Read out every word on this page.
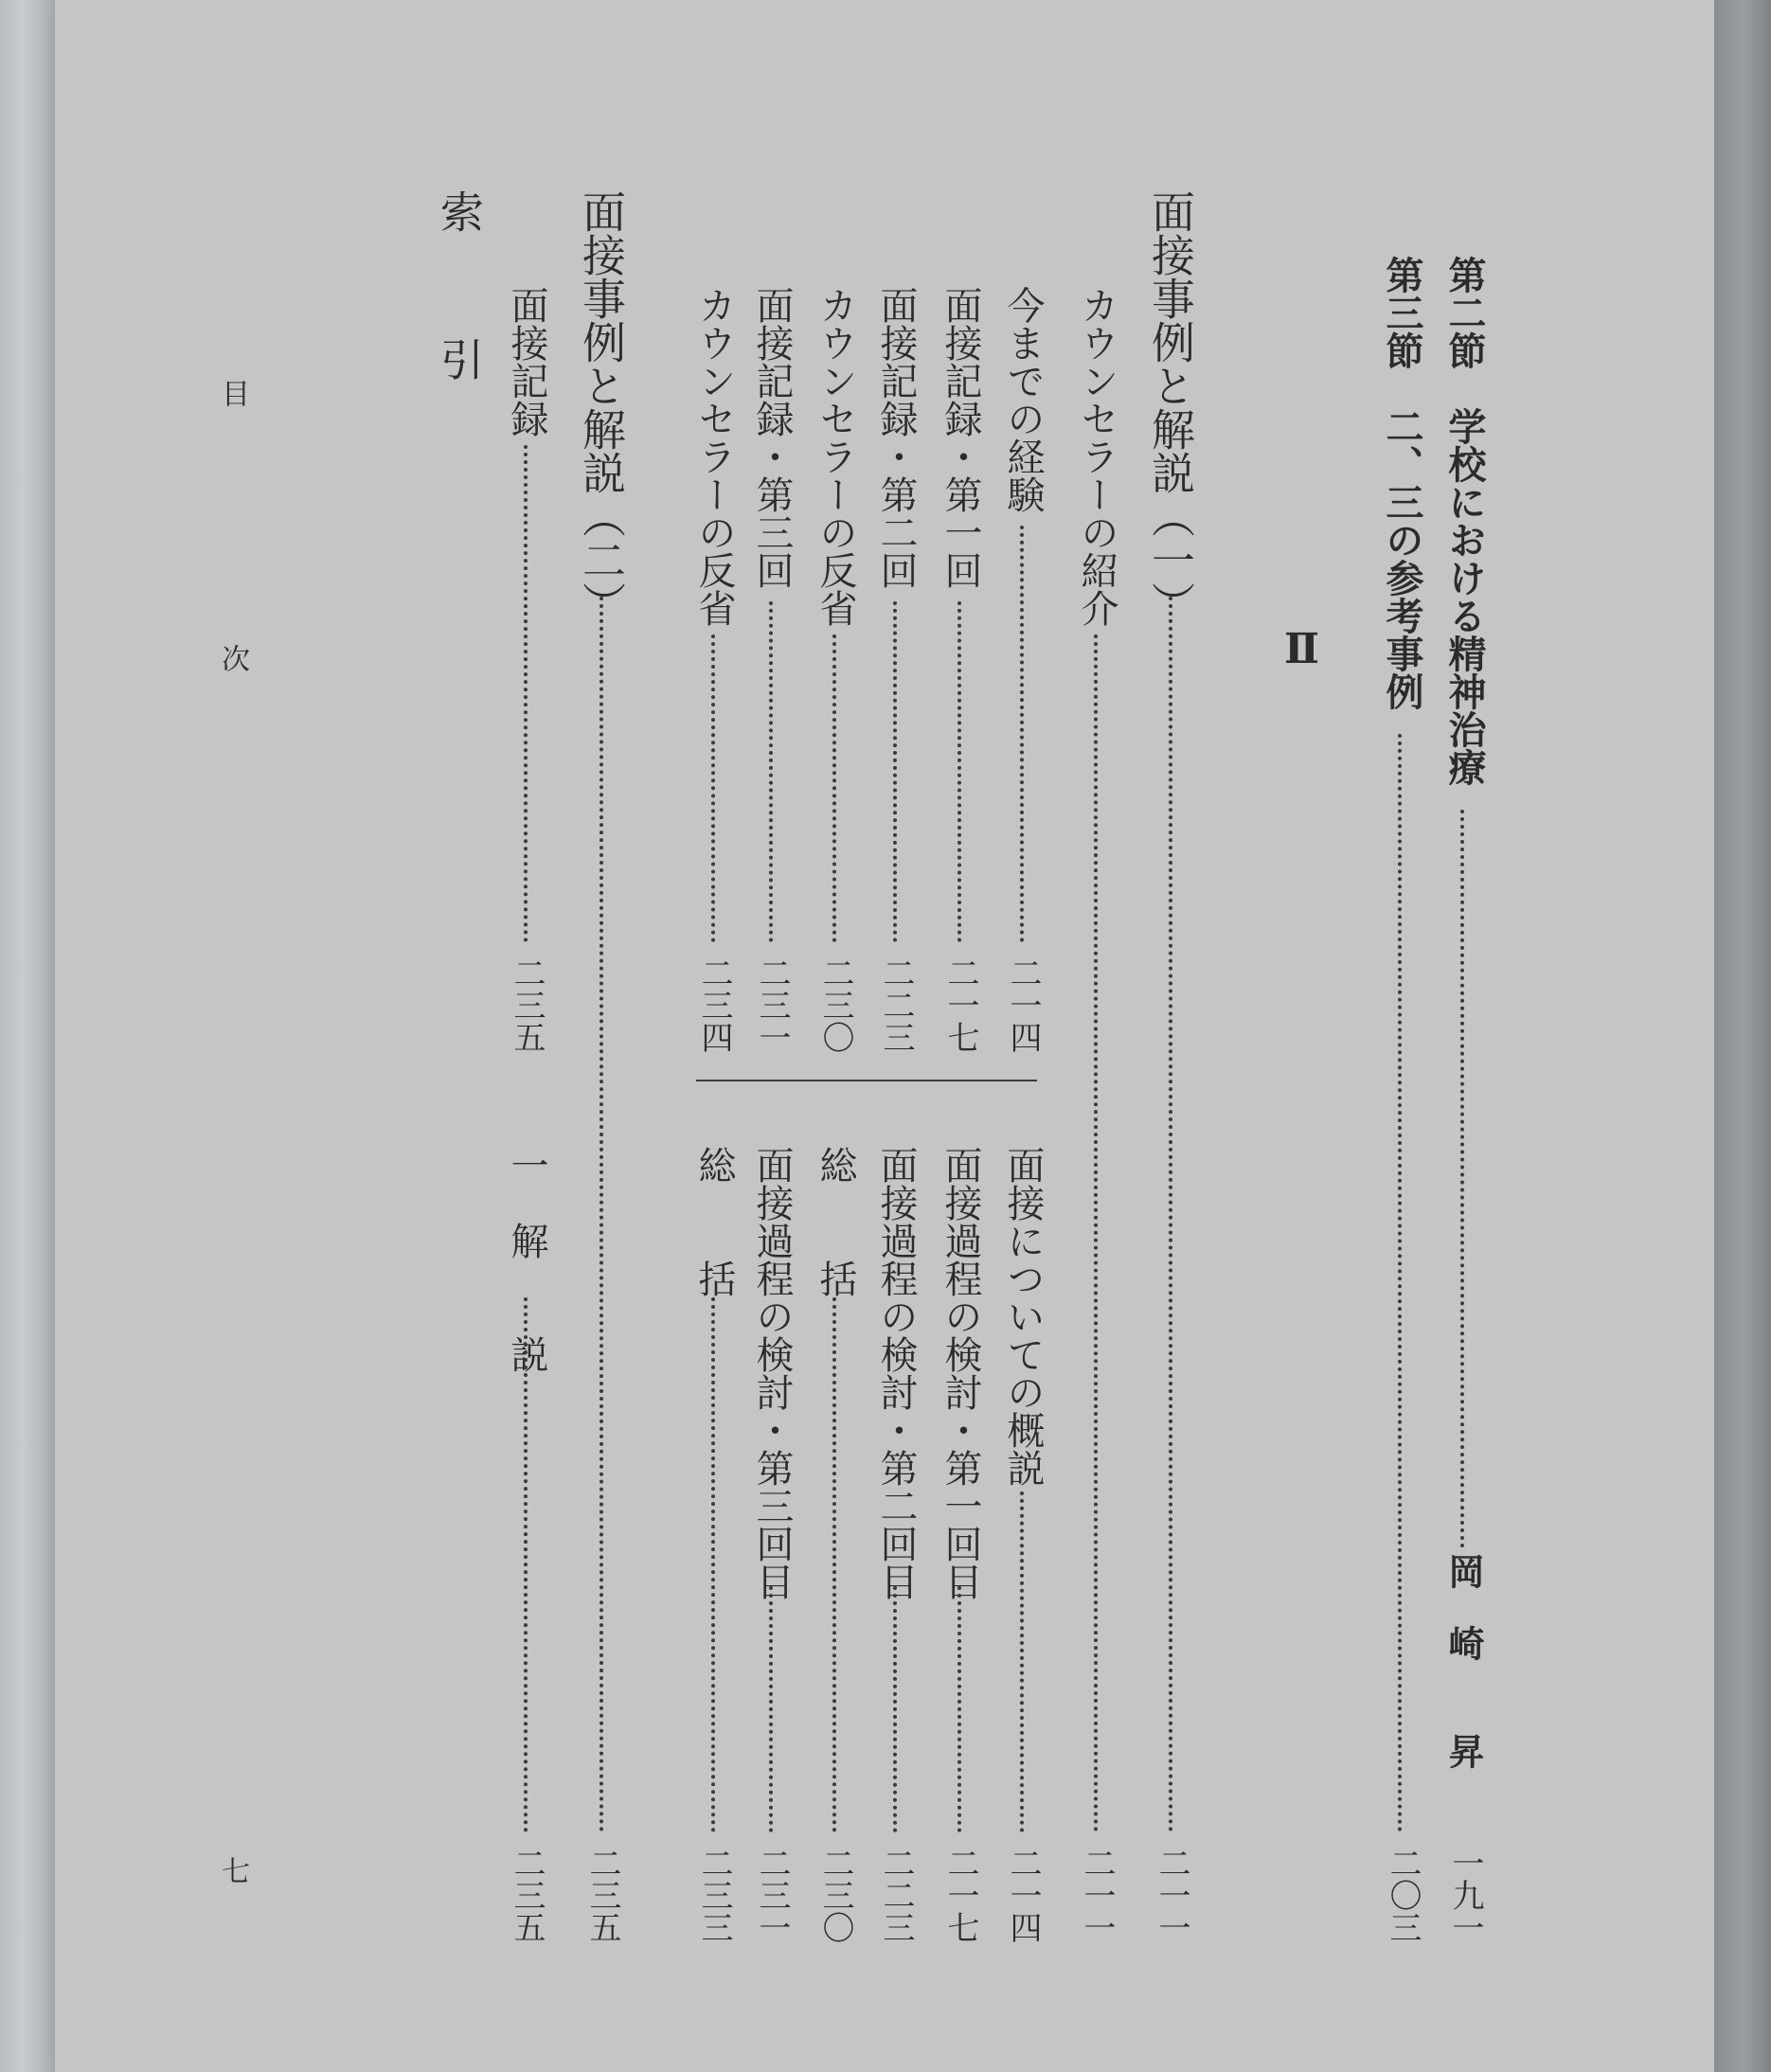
第二節　学校における精神治療
岡　崎　　昇
一九一
第三節　二、三の参考事例
二〇三
Ⅱ
面接事例と解説（一）
二一一
カウンセラーの紹介
二一一
今までの経験
二一四
面接記録・第一回
二一七
面接記録・第二回
二二三
カウンセラーの反省
二三〇
面接記録・第三回
二三一
カウンセラーの反省
二三四
面接事例と解説（二）
二三五
面接記録
二三五
索　　引
面接についての概説
二一四
面接過程の検討・第一回目
二一七
面接過程の検討・第二回目
二二三
総　　括
二三〇
面接過程の検討・第三回目
二三一
総　　括
二三三
一　解　　説
二三五
目　　　次
七
